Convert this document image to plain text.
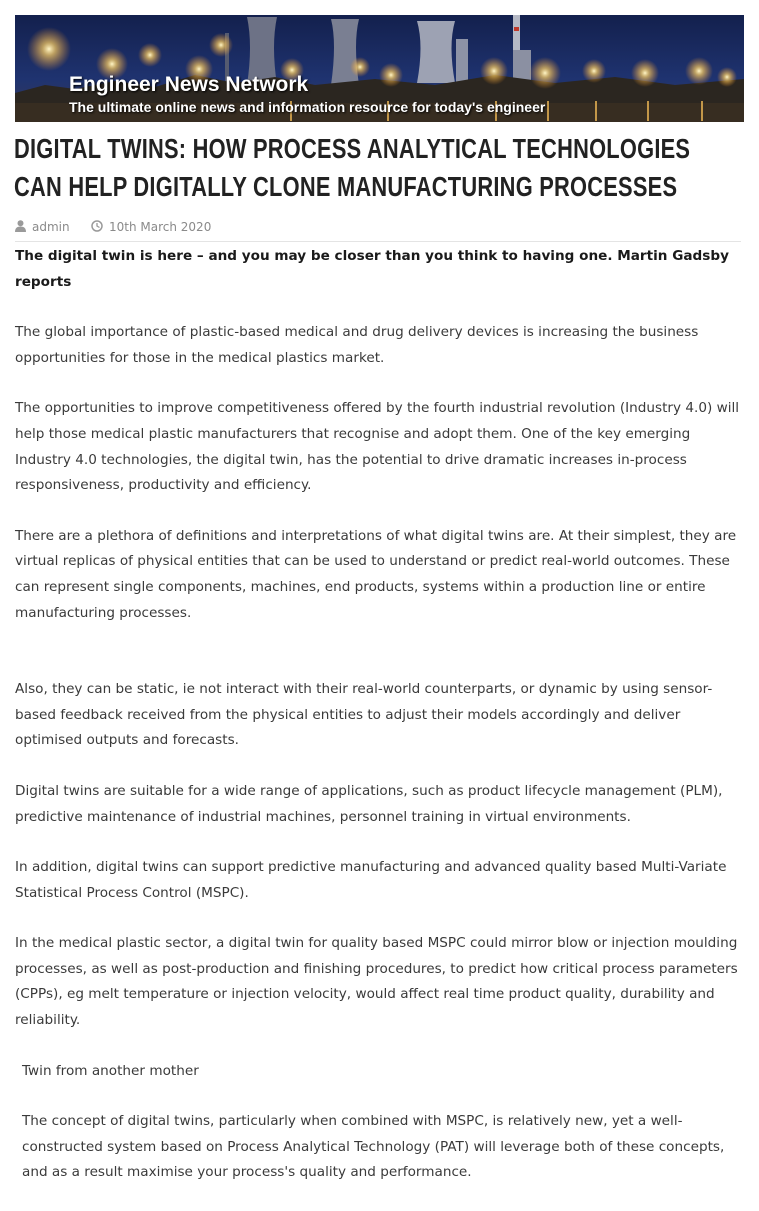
Engineer News Network
The ultimate online news and information resource for today's engineer
DIGITAL TWINS: HOW PROCESS ANALYTICAL TECHNOLOGIES CAN HELP DIGITALLY CLONE MANUFACTURING PROCESSES
admin	10th March 2020

The digital twin is here – and you may be closer than you think to having one. Martin Gadsby reports

The global importance of plastic-based medical and drug delivery devices is increasing the business opportunities for those in the medical plastics market.

The opportunities to improve competitiveness offered by the fourth industrial revolution (Industry 4.0) will help those medical plastic manufacturers that recognise and adopt them. One of the key emerging Industry 4.0 technologies, the digital twin, has the potential to drive dramatic increases in-process responsiveness, productivity and efficiency.

There are a plethora of definitions and interpretations of what digital twins are. At their simplest, they are virtual replicas of physical entities that can be used to understand or predict real-world outcomes. These can represent single components, machines, end products, systems within a production line or entire manufacturing processes.

Also, they can be static, ie not interact with their real-world counterparts, or dynamic by using sensor-based feedback received from the physical entities to adjust their models accordingly and deliver optimised outputs and forecasts.

Digital twins are suitable for a wide range of applications, such as product lifecycle management (PLM), predictive maintenance of industrial machines, personnel training in virtual environments.

In addition, digital twins can support predictive manufacturing and advanced quality based Multi-Variate Statistical Process Control (MSPC).

In the medical plastic sector, a digital twin for quality based MSPC could mirror blow or injection moulding processes, as well as post-production and finishing procedures, to predict how critical process parameters (CPPs), eg melt temperature or injection velocity, would affect real time product quality, durability and reliability.

Twin from another mother

The concept of digital twins, particularly when combined with MSPC, is relatively new, yet a well-constructed system based on Process Analytical Technology (PAT) will leverage both of these concepts, and as a result maximise your process's quality and performance.
